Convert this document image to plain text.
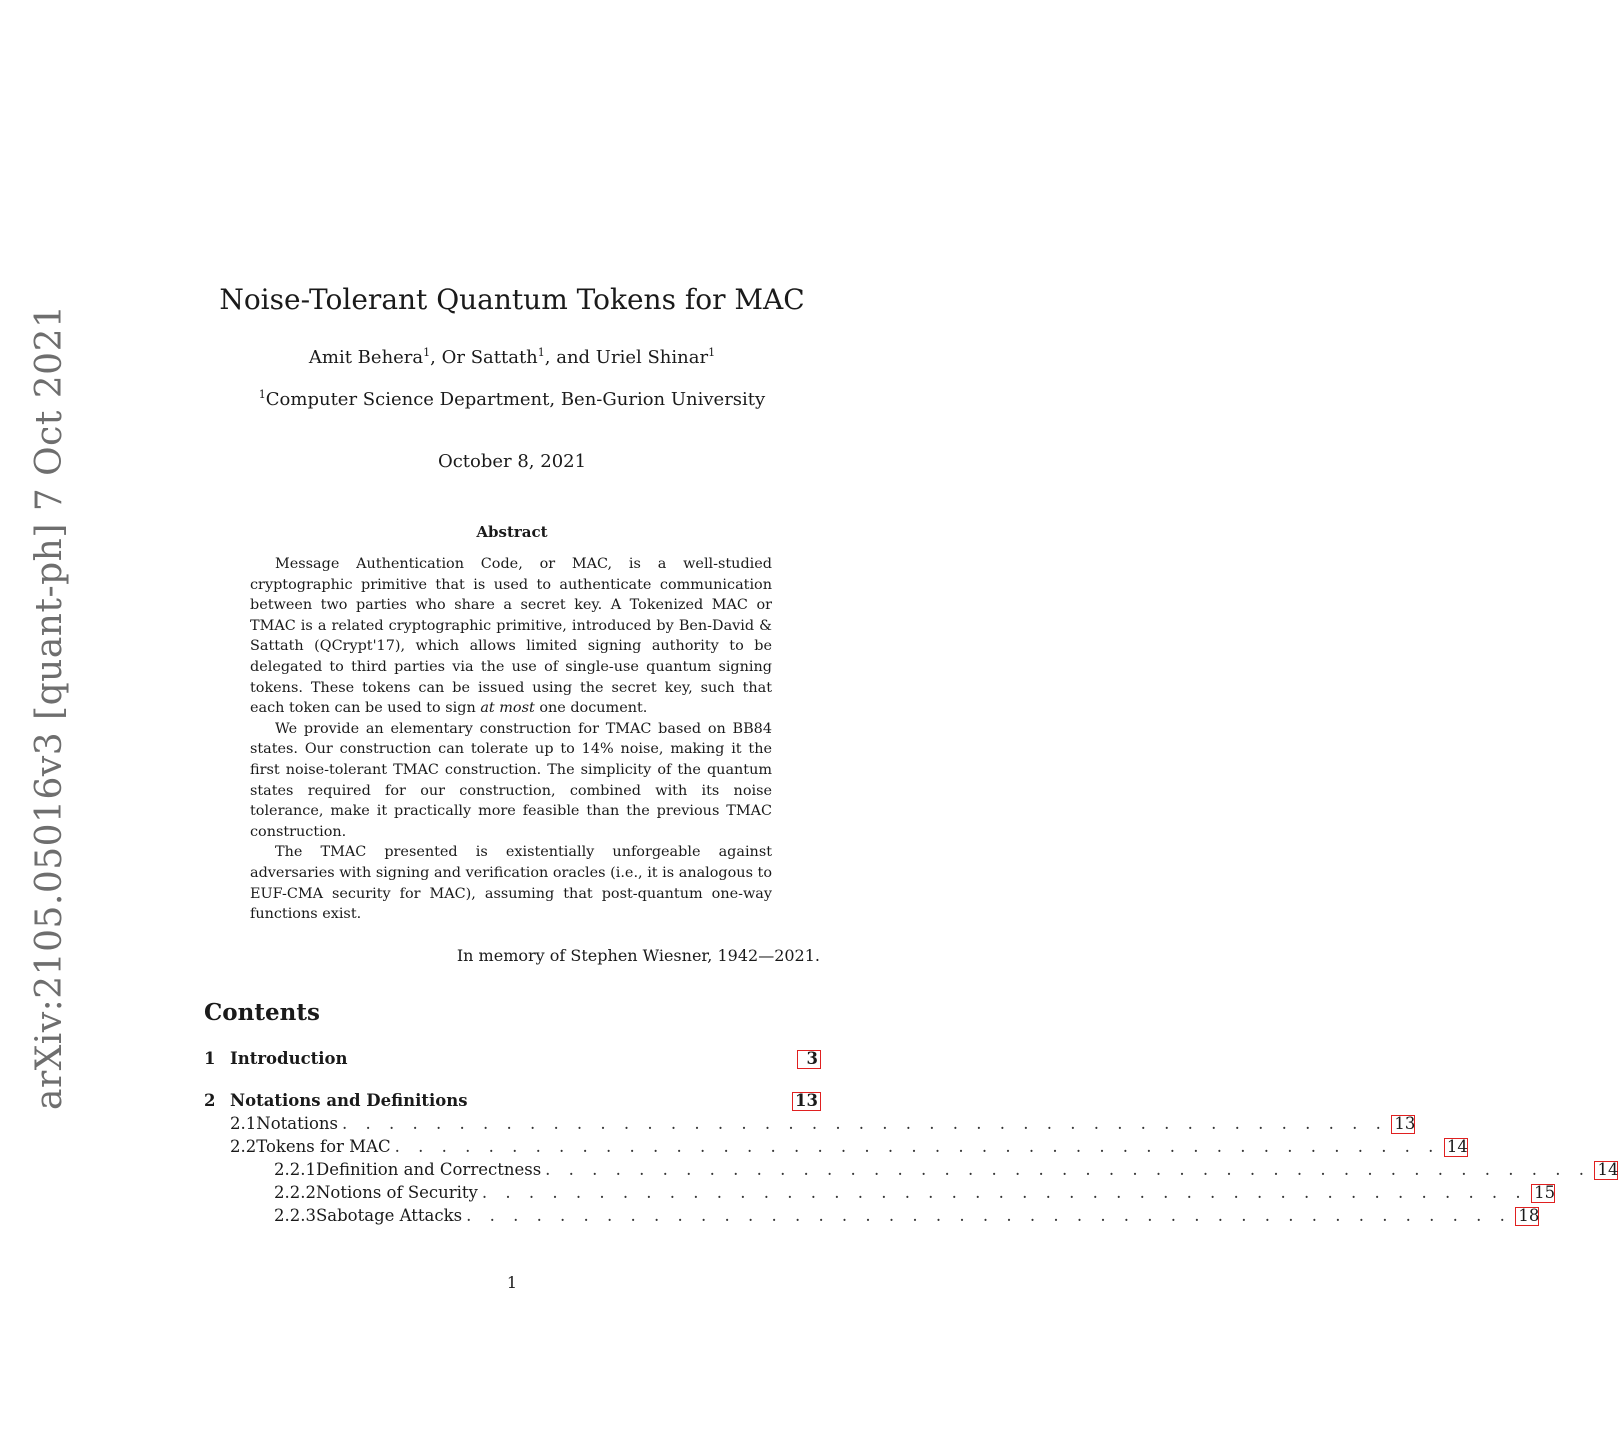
arXiv:2105.05016v3 [quant-ph] 7 Oct 2021
Noise-Tolerant Quantum Tokens for MAC
Amit Behera$^1$, Or Sattath$^1$, and Uriel Shinar$^1$
$^1$Computer Science Department, Ben-Gurion University
October 8, 2021
Abstract

Message Authentication Code, or MAC, is a well-studied cryptographic primitive that is used to authenticate communication between two parties who share a secret key. A Tokenized MAC or TMAC is a related cryptographic primitive, introduced by Ben-David & Sattath (QCrypt'17), which allows limited signing authority to be delegated to third parties via the use of single-use quantum signing tokens. These tokens can be issued using the secret key, such that each token can be used to sign at most one document.

We provide an elementary construction for TMAC based on BB84 states. Our construction can tolerate up to 14% noise, making it the first noise-tolerant TMAC construction. The simplicity of the quantum states required for our construction, combined with its noise tolerance, make it practically more feasible than the previous TMAC construction.

The TMAC presented is existentially unforgeable against adversaries with signing and verification oracles (i.e., it is analogous to EUF-CMA security for MAC), assuming that post-quantum one-way functions exist.

In memory of Stephen Wiesner, 1942—2021.
Contents
1 Introduction	3
2 Notations and Definitions	13
2.1 Notations . . . . . . . . . . . . . . . . . . . . . . . . . . . . . . . . . . . . . . . . . . . . . 13
2.2 Tokens for MAC . . . . . . . . . . . . . . . . . . . . . . . . . . . . . . . . . . . . . . . . . . . . . 14
2.2.1 Definition and Correctness . . . . . . . . . . . . . . . . . . . . . . . . . . . . . . . . . . . . . . . . . . . . . 14
2.2.2 Notions of Security . . . . . . . . . . . . . . . . . . . . . . . . . . . . . . . . . . . . . . . . . . . . . 15
2.2.3 Sabotage Attacks . . . . . . . . . . . . . . . . . . . . . . . . . . . . . . . . . . . . . . . . . . . . . 18
1
